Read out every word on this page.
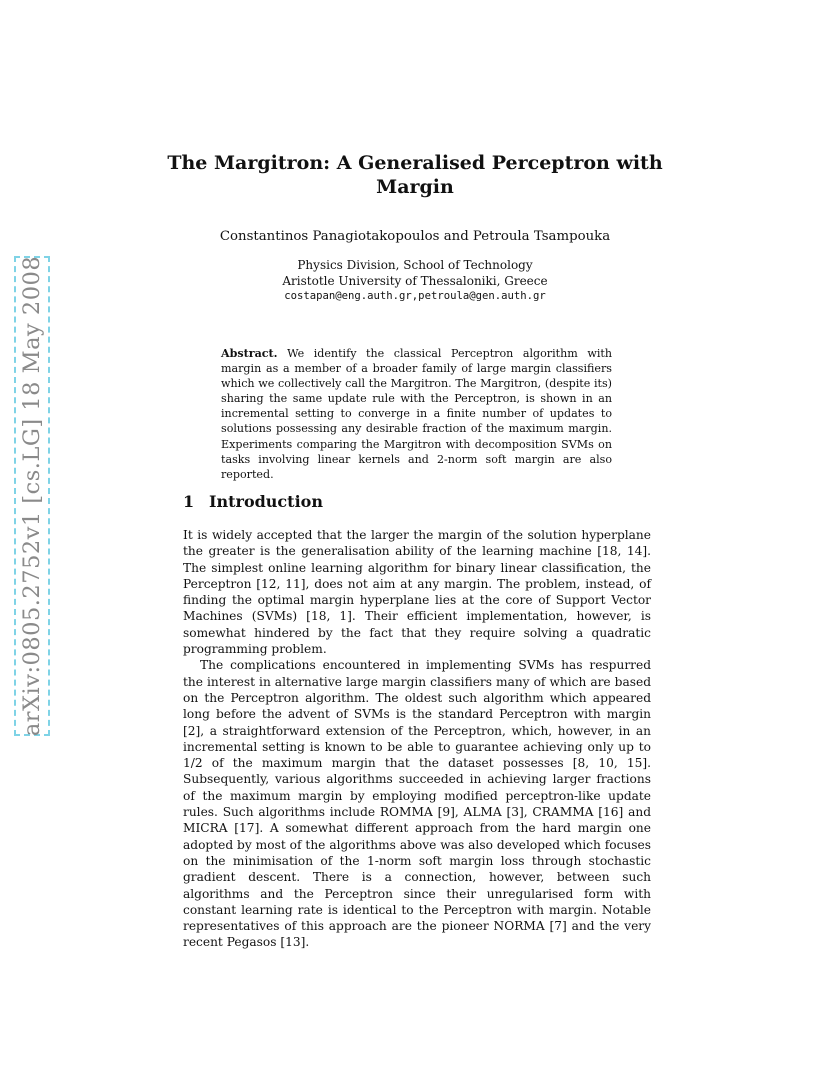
arXiv:0805.2752v1 [cs.LG] 18 May 2008
The Margitron: A Generalised Perceptron with Margin
Constantinos Panagiotakopoulos and Petroula Tsampouka
Physics Division, School of Technology
Aristotle University of Thessaloniki, Greece
costapan@eng.auth.gr,petroula@gen.auth.gr
Abstract. We identify the classical Perceptron algorithm with margin as a member of a broader family of large margin classifiers which we collectively call the Margitron. The Margitron, (despite its) sharing the same update rule with the Perceptron, is shown in an incremental setting to converge in a finite number of updates to solutions possessing any desirable fraction of the maximum margin. Experiments comparing the Margitron with decomposition SVMs on tasks involving linear kernels and 2-norm soft margin are also reported.
1 Introduction

It is widely accepted that the larger the margin of the solution hyperplane the greater is the generalisation ability of the learning machine [18, 14]. The simplest online learning algorithm for binary linear classification, the Perceptron [12, 11], does not aim at any margin. The problem, instead, of finding the optimal margin hyperplane lies at the core of Support Vector Machines (SVMs) [18, 1]. Their efficient implementation, however, is somewhat hindered by the fact that they require solving a quadratic programming problem.

The complications encountered in implementing SVMs has respurred the interest in alternative large margin classifiers many of which are based on the Perceptron algorithm. The oldest such algorithm which appeared long before the advent of SVMs is the standard Perceptron with margin [2], a straightforward extension of the Perceptron, which, however, in an incremental setting is known to be able to guarantee achieving only up to 1/2 of the maximum margin that the dataset possesses [8, 10, 15]. Subsequently, various algorithms succeeded in achieving larger fractions of the maximum margin by employing modified perceptron-like update rules. Such algorithms include ROMMA [9], ALMA [3], CRAMMA [16] and MICRA [17]. A somewhat different approach from the hard margin one adopted by most of the algorithms above was also developed which focuses on the minimisation of the 1-norm soft margin loss through stochastic gradient descent. There is a connection, however, between such algorithms and the Perceptron since their unregularised form with constant learning rate is identical to the Perceptron with margin. Notable representatives of this approach are the pioneer NORMA [7] and the very recent Pegasos [13].
